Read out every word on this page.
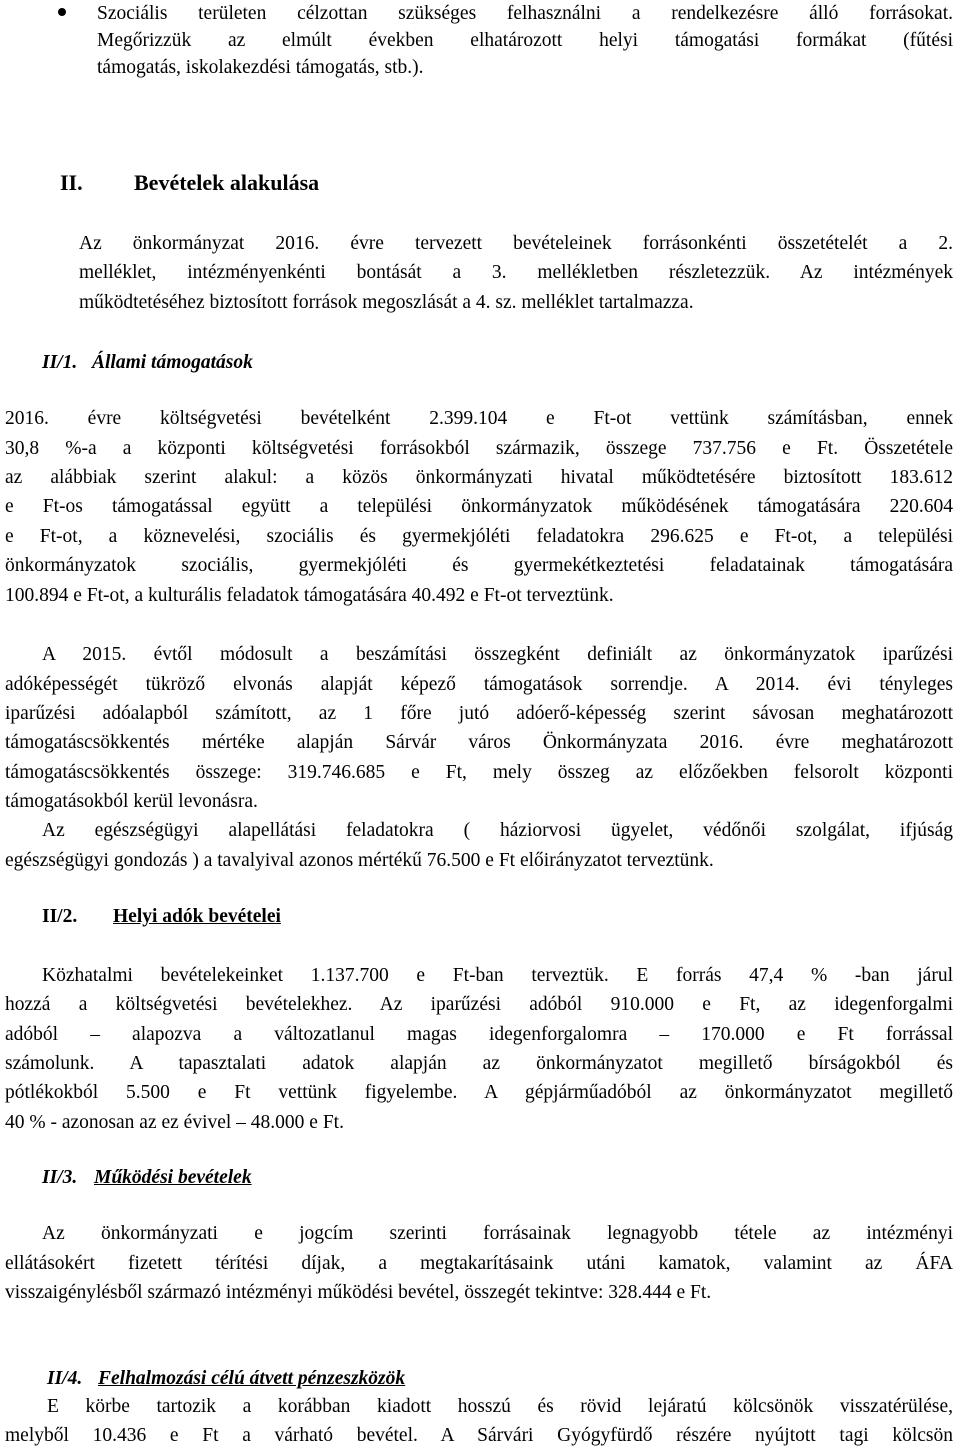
Szociális területen célzottan szükséges felhasználni a rendelkezésre álló forrásokat.
Megőrizzük az elmúlt években elhatározott helyi támogatási formákat (fűtési
támogatás, iskolakezdési támogatás, stb.).
II. Bevételek alakulása
Az önkormányzat 2016. évre tervezett bevételeinek forrásonkénti összetételét a 2.
melléklet, intézményenkénti bontását a 3. mellékletben részletezzük. Az intézmények
működtetéséhez biztosított források megoszlását a 4. sz. melléklet tartalmazza.
II/1. Állami támogatások
2016. évre költségvetési bevételként 2.399.104 e Ft-ot vettünk számításban, ennek
30,8 %-a a központi költségvetési forrásokból származik, összege 737.756 e Ft. Összetétele
az alábbiak szerint alakul: a közös önkormányzati hivatal működtetésére biztosított 183.612
e Ft-os támogatással együtt a települési önkormányzatok működésének támogatására 220.604
e Ft-ot, a köznevelési, szociális és gyermekjóléti feladatokra 296.625 e Ft-ot, a települési
önkormányzatok szociális, gyermekjóléti és gyermekétkeztetési feladatainak támogatására
100.894 e Ft-ot, a kulturális feladatok támogatására 40.492 e Ft-ot terveztünk.
A 2015. évtől módosult a beszámítási összegként definiált az önkormányzatok iparűzési
adóképességét tükröző elvonás alapját képező támogatások sorrendje. A 2014. évi tényleges
iparűzési adóalapból számított, az 1 főre jutó adóerő-képesség szerint sávosan meghatározott
támogatáscsökkentés mértéke alapján Sárvár város Önkormányzata 2016. évre meghatározott
támogatáscsökkentés összege: 319.746.685 e Ft, mely összeg az előzőekben felsorolt központi
támogatásokból kerül levonásra.
Az egészségügyi alapellátási feladatokra ( háziorvosi ügyelet, védőnői szolgálat, ifjúság
egészségügyi gondozás ) a tavalyival azonos mértékű 76.500 e Ft előirányzatot terveztünk.
II/2. Helyi adók bevételei
Közhatalmi bevételekeinket 1.137.700 e Ft-ban terveztük. E forrás 47,4 % -ban járul
hozzá a költségvetési bevételekhez. Az iparűzési adóból 910.000 e Ft, az idegenforgalmi
adóból – alapozva a változatlanul magas idegenforgalomra – 170.000 e Ft forrással
számolunk. A tapasztalati adatok alapján az önkormányzatot megillető bírságokból és
pótlékokból 5.500 e Ft vettünk figyelembe. A gépjárműadóból az önkormányzatot megillető
40 % - azonosan az ez évivel – 48.000 e Ft.
II/3. Működési bevételek
Az önkormányzati e jogcím szerinti forrásainak legnagyobb tétele az intézményi
ellátásokért fizetett térítési díjak, a megtakarításaink utáni kamatok, valamint az ÁFA
visszaigénylésből származó intézményi működési bevétel, összegét tekintve: 328.444 e Ft.
II/4. Felhalmozási célú átvett pénzeszközök
E körbe tartozik a korábban kiadott hosszú és rövid lejáratú kölcsönök visszatérülése,
melyből 10.436 e Ft a várható bevétel. A Sárvári Gyógyfürdő részére nyújtott tagi kölcsön
